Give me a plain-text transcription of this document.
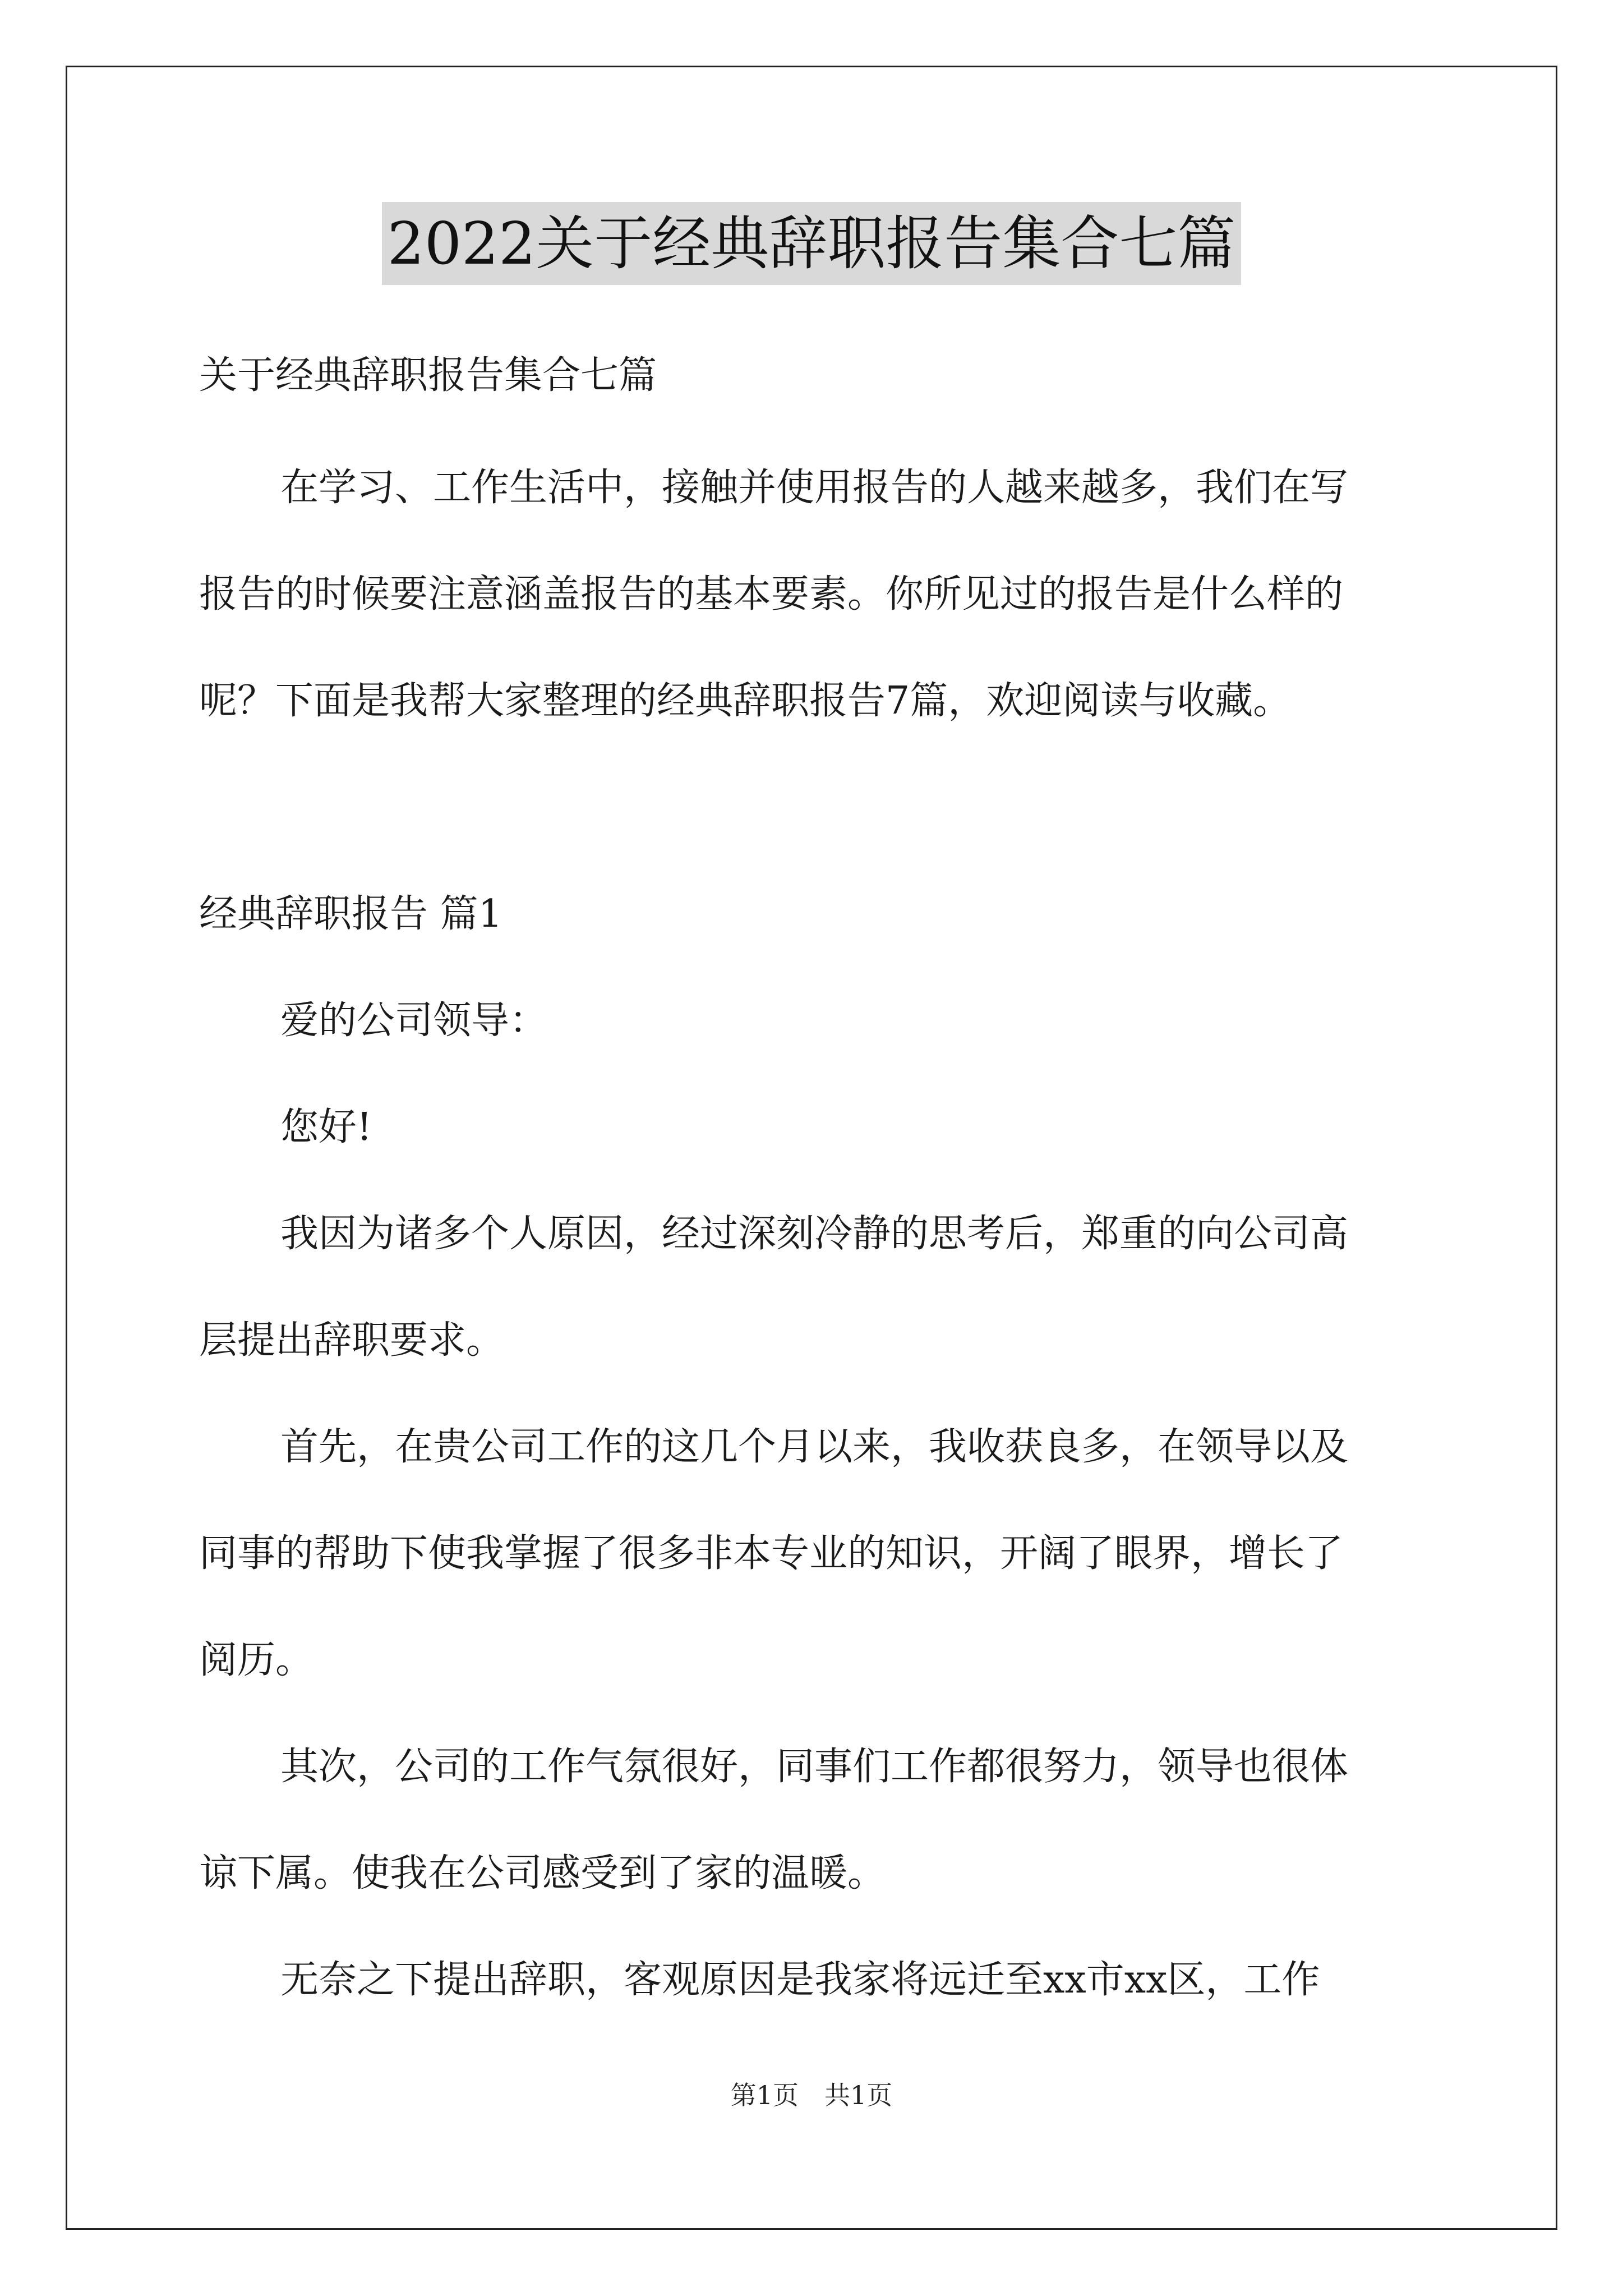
2022关于经典辞职报告集合七篇
关于经典辞职报告集合七篇
在学习、工作生活中，接触并使用报告的人越来越多，我们在写
报告的时候要注意涵盖报告的基本要素。你所见过的报告是什么样的
呢？下面是我帮大家整理的经典辞职报告7篇，欢迎阅读与收藏。
经典辞职报告 篇1
爱的公司领导：
您好!
我因为诸多个人原因，经过深刻冷静的思考后，郑重的向公司高
层提出辞职要求。
首先，在贵公司工作的这几个月以来，我收获良多，在领导以及
同事的帮助下使我掌握了很多非本专业的知识，开阔了眼界，增长了
阅历。
其次，公司的工作气氛很好，同事们工作都很努力，领导也很体
谅下属。使我在公司感受到了家的温暖。
无奈之下提出辞职，客观原因是我家将远迁至xx市xx区，工作
第1页　共1页
